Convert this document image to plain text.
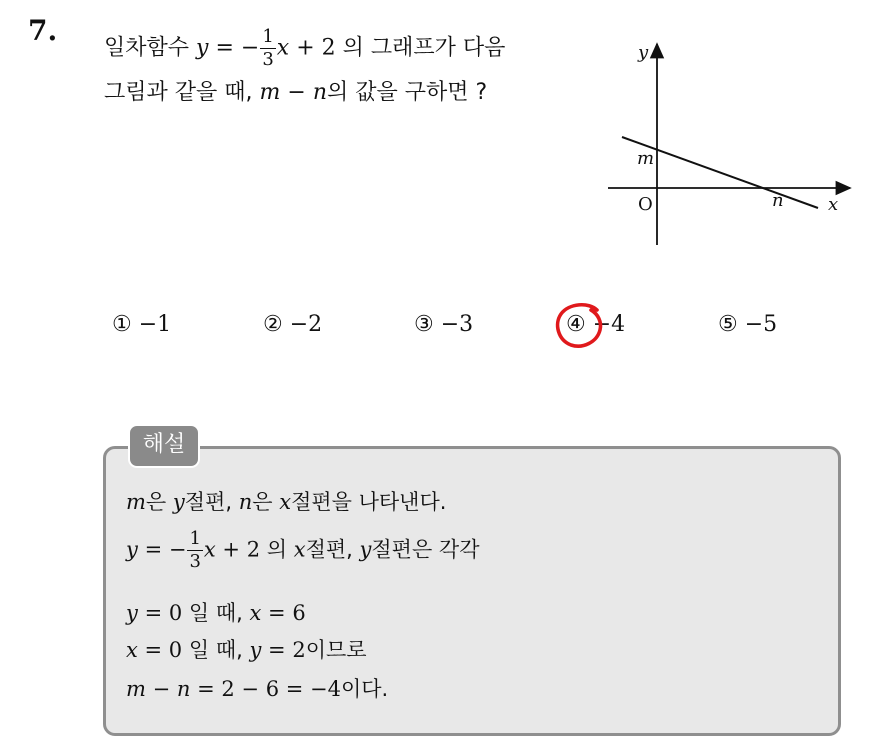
7.
일차함수 y = − $\frac{1}{3}$ x + 2 의 그래프가 다음
그림과 같을 때, m − n의 값을 구하면 ?
y
x
O
m
n
① −1	② −2	③ −3	④ −4	⑤ −5
해설
m은 y절편, n은 x절편을 나타낸다.
y = − $\frac{1}{3}$ x + 2 의 x절편, y절편은 각각
y = 0 일 때, x = 6
x = 0 일 때, y = 2이므로
m − n = 2 − 6 = −4이다.
